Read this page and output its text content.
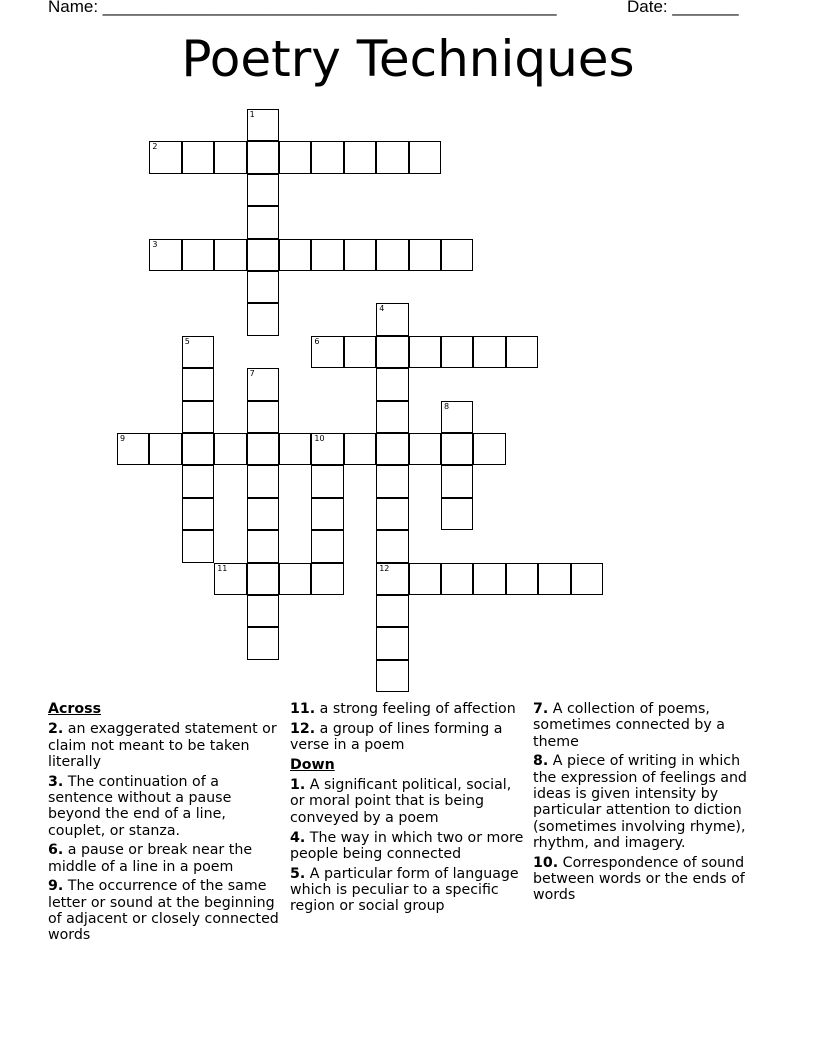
Name: ________________________________________________	Date: _______
Poetry Techniques
1
2
3
4
12
5	6
7
8
9	10
11
Across
2. an exaggerated statement or claim not meant to be taken literally
3. The continuation of a sentence without a pause beyond the end of a line, couplet, or stanza.
6. a pause or break near the middle of a line in a poem
9. The occurrence of the same letter or sound at the beginning of adjacent or closely connected words
11. a strong feeling of affection
12. a group of lines forming a verse in a poem
Down
1. A significant political, social, or moral point that is being conveyed by a poem
4. The way in which two or more people being connected
5. A particular form of language which is peculiar to a specific region or social group
7. A collection of poems, sometimes connected by a theme
8. A piece of writing in which the expression of feelings and ideas is given intensity by particular attention to diction (sometimes involving rhyme), rhythm, and imagery.
10. Correspondence of sound between words or the ends of words
